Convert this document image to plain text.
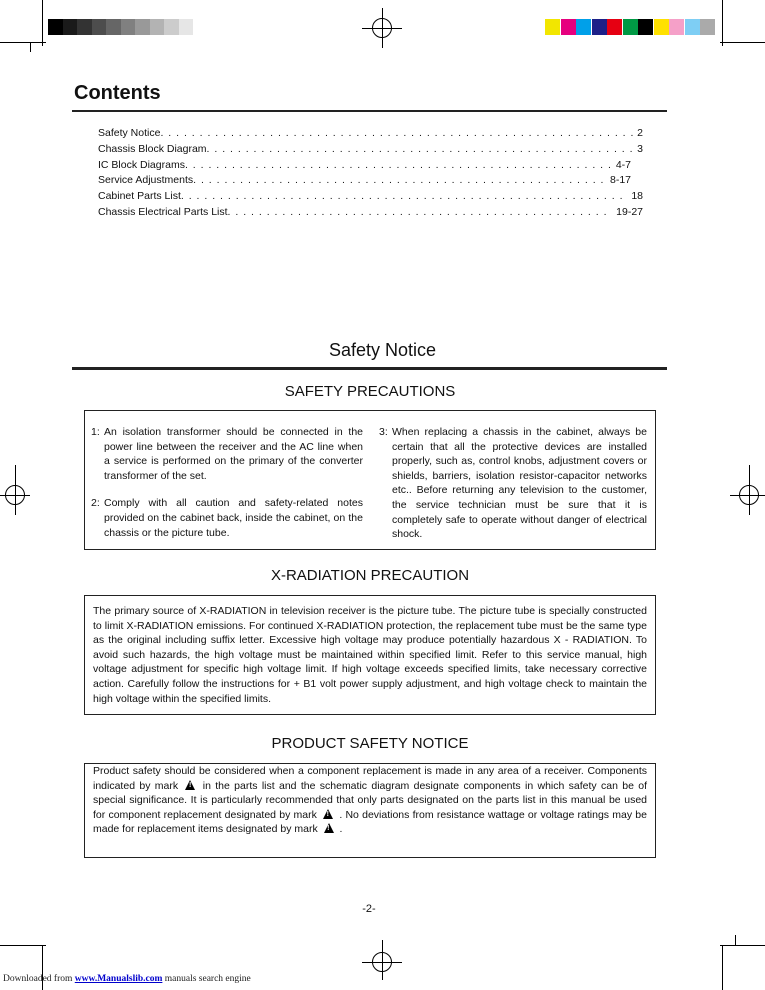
Contents
Safety Notice . . .	2
Chassis Block Diagram . . .	3
IC Block Diagrams . . .	4-7
Service Adjustments . . .	8-17
Cabinet Parts List . . .	18
Chassis Electrical Parts List . . .	19-27
Safety Notice
SAFETY PRECAUTIONS
1: An isolation transformer should be connected in the power line between the receiver and the AC line when a service is performed on the primary of the converter transformer of the set.
2: Comply with all caution and safety-related notes provided on the cabinet back, inside the cabinet, on the chassis or the picture tube.
3: When replacing a chassis in the cabinet, always be certain that all the protective devices are installed properly, such as, control knobs, adjustment covers or shields, barriers, isolation resistor-capacitor networks etc.. Before returning any television to the customer, the service technician must be sure that it is completely safe to operate without danger of electrical shock.
X-RADIATION PRECAUTION
The primary source of X-RADIATION in television receiver is the picture tube. The picture tube is specially constructed to limit X-RADIATION emissions. For continued X-RADIATION protection, the replacement tube must be the same type as the original including suffix letter. Excessive high voltage may produce potentially hazardous X - RADIATION. To avoid such hazards, the high voltage must be maintained within specified limit. Refer to this service manual, high voltage adjustment for specific high voltage limit. If high voltage exceeds specified limits, take necessary corrective action. Carefully follow the instructions for + B1 volt power supply adjustment, and high voltage check to maintain the high voltage within the specified limits.
PRODUCT SAFETY NOTICE
Product safety should be considered when a component replacement is made in any area of a receiver. Components indicated by mark ! in the parts list and the schematic diagram designate components in which safety can be of special significance. It is particularly recommended that only parts designated on the parts list in this manual be used for component replacement designated by mark ! . No deviations from resistance wattage or voltage ratings may be made for replacement items designated by mark ! .
-2-
Downloaded from www.Manualslib.com manuals search engine
